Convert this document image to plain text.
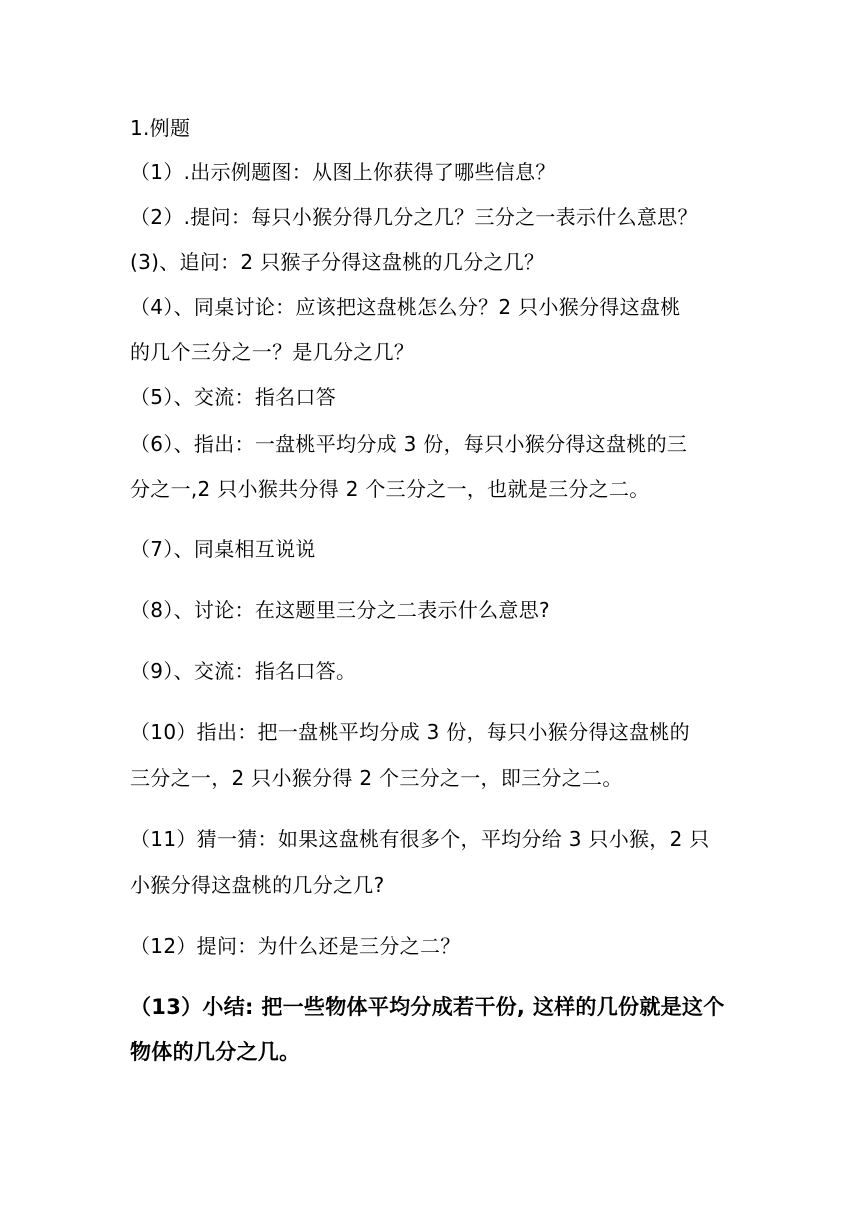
1.例题
（1）.出示例题图：从图上你获得了哪些信息？
（2）.提问：每只小猴分得几分之几？三分之一表示什么意思？
(3)、追问：2 只猴子分得这盘桃的几分之几？
（4）、同桌讨论：应该把这盘桃怎么分？2 只小猴分得这盘桃
的几个三分之一？是几分之几？
（5）、交流：指名口答
（6）、指出：一盘桃平均分成 3 份，每只小猴分得这盘桃的三
分之一,2 只小猴共分得 2 个三分之一，也就是三分之二。
（7）、同桌相互说说
（8）、讨论：在这题里三分之二表示什么意思?
（9）、交流：指名口答。
（10）指出：把一盘桃平均分成 3 份，每只小猴分得这盘桃的
三分之一，2 只小猴分得 2 个三分之一，即三分之二。
（11）猜一猜：如果这盘桃有很多个，平均分给 3 只小猴，2 只
小猴分得这盘桃的几分之几?
（12）提问：为什么还是三分之二？
（13）小结: 把一些物体平均分成若干份, 这样的几份就是这个
物体的几分之几。
